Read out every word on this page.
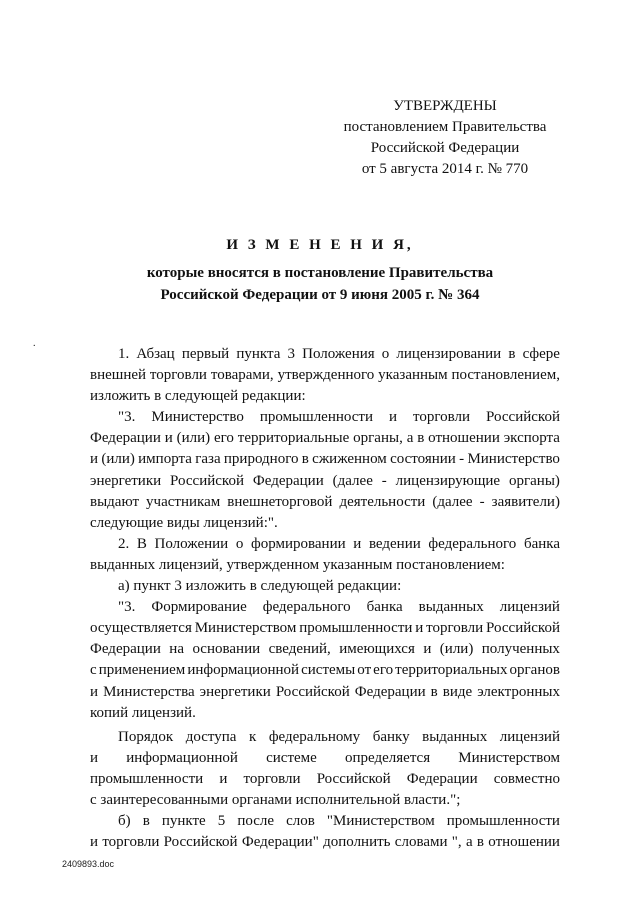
УТВЕРЖДЕНЫ
постановлением Правительства
Российской Федерации
от 5 августа 2014 г. № 770
И З М Е Н Е Н И Я,
которые вносятся в постановление Правительства
Российской Федерации от 9 июня 2005 г. № 364
.
1. Абзац первый пункта 3 Положения о лицензировании в сфере
внешней торговли товарами, утвержденного указанным постановлением,
изложить в следующей редакции:
"3. Министерство промышленности и торговли Российской
Федерации и (или) его территориальные органы, а в отношении экспорта
и (или) импорта газа природного в сжиженном состоянии - Министерство
энергетики Российской Федерации (далее - лицензирующие органы)
выдают участникам внешнеторговой деятельности (далее - заявители)
следующие виды лицензий:".
2. В Положении о формировании и ведении федерального банка
выданных лицензий, утвержденном указанным постановлением:
а) пункт 3 изложить в следующей редакции:
"3. Формирование федерального банка выданных лицензий
осуществляется Министерством промышленности и торговли Российской
Федерации на основании сведений, имеющихся и (или) полученных
с применением информационной системы от его территориальных органов
и Министерства энергетики Российской Федерации в виде электронных
копий лицензий.
Порядок доступа к федеральному банку выданных лицензий
и информационной системе определяется Министерством
промышленности и торговли Российской Федерации совместно
с заинтересованными органами исполнительной власти.";
б) в пункте 5 после слов "Министерством промышленности
и торговли Российской Федерации" дополнить словами ", а в отношении
2409893.doc
